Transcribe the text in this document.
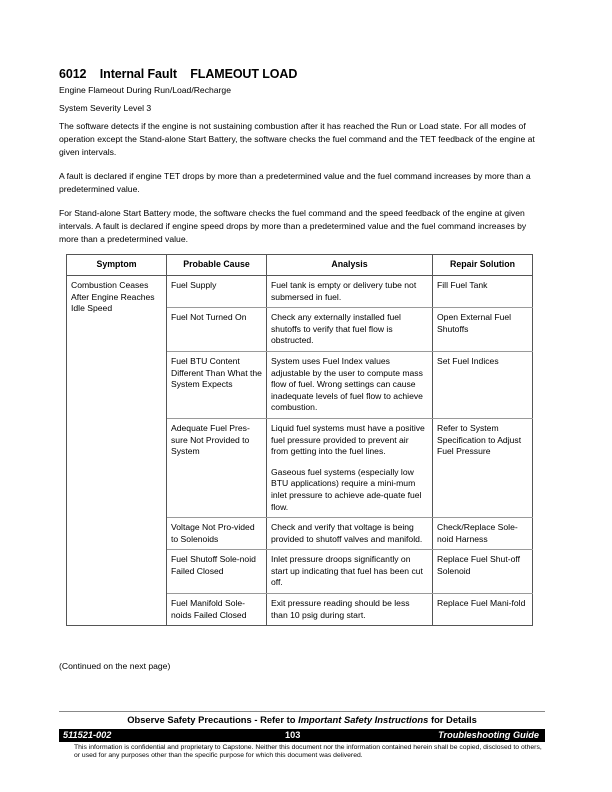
6012 Internal Fault FLAMEOUT LOAD
Engine Flameout During Run/Load/Recharge
System Severity Level 3
The software detects if the engine is not sustaining combustion after it has reached the Run or Load state. For all modes of operation except the Stand-alone Start Battery, the software checks the fuel command and the TET feedback of the engine at given intervals.
A fault is declared if engine TET drops by more than a predetermined value and the fuel command increases by more than a predetermined value.
For Stand-alone Start Battery mode, the software checks the fuel command and the speed feedback of the engine at given intervals. A fault is declared if engine speed drops by more than a predetermined value and the fuel command increases by more than a predetermined value.
Symptom	Probable Cause	Analysis	Repair Solution
Combustion Ceases After Engine Reaches Idle Speed	Fuel Supply	Fuel tank is empty or delivery tube not submersed in fuel.	Fill Fuel Tank
	Fuel Not Turned On	Check any externally installed fuel shutoffs to verify that fuel flow is obstructed.	Open External Fuel Shutoffs
	Fuel BTU Content Different Than What the System Expects	System uses Fuel Index values adjustable by the user to compute mass flow of fuel. Wrong settings can cause inadequate levels of fuel flow to achieve combustion.	Set Fuel Indices
	Adequate Fuel Pres-sure Not Provided to System	Liquid fuel systems must have a positive fuel pressure provided to prevent air from getting into the fuel lines.
Gaseous fuel systems (especially low BTU applications) require a mini-mum inlet pressure to achieve ade-quate fuel flow.	Refer to System Specification to Adjust Fuel Pressure
	Voltage Not Pro-vided to Solenoids	Check and verify that voltage is being provided to shutoff valves and manifold.	Check/Replace Sole-noid Harness
	Fuel Shutoff Sole-noid Failed Closed	Inlet pressure droops significantly on start up indicating that fuel has been cut off.	Replace Fuel Shut-off Solenoid
	Fuel Manifold Sole-noids Failed Closed	Exit pressure reading should be less than 10 psig during start.	Replace Fuel Mani-fold
(Continued on the next page)
Observe Safety Precautions - Refer to Important Safety Instructions for Details
511521-002	103	Troubleshooting Guide
This information is confidential and proprietary to Capstone. Neither this document nor the information contained herein shall be copied, disclosed to others, or used for any purposes other than the specific purpose for which this document was delivered.
